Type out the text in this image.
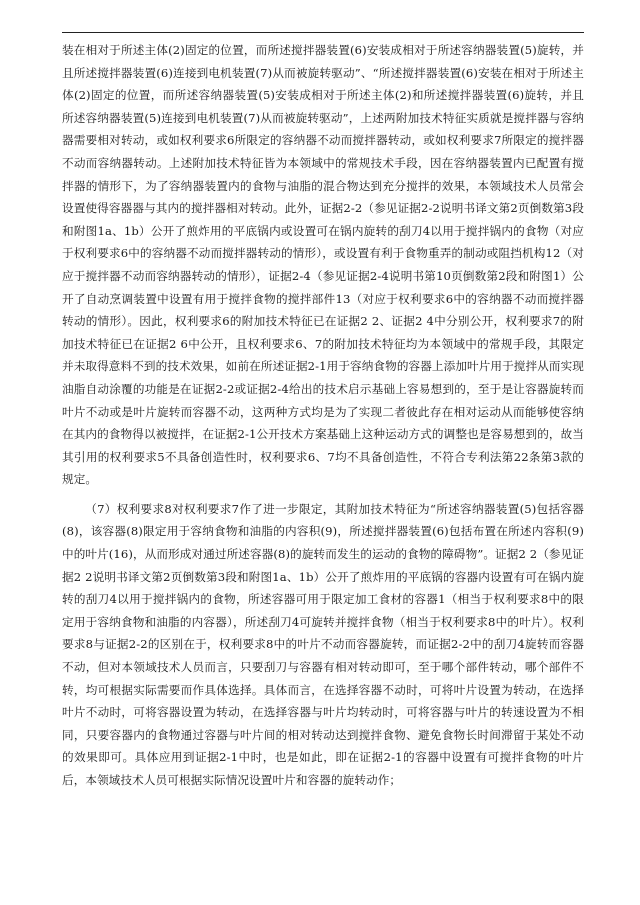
装在相对于所述主体(2)固定的位置，而所述搅拌器装置(6)安装成相对于所述容纳器装置(5)旋转，并且所述搅拌器装置(6)连接到电机装置(7)从而被旋转驱动”、“所述搅拌器装置(6)安装在相对于所述主体(2)固定的位置，而所述容纳器装置(5)安装成相对于所述主体(2)和所述搅拌器装置(6)旋转，并且所述容纳器装置(5)连接到电机装置(7)从而被旋转驱动”，上述两附加技术特征实质就是搅拌器与容纳器需要相对转动，或如权利要求6所限定的容纳器不动而搅拌器转动，或如权利要求7所限定的搅拌器不动而容纳器转动。上述附加技术特征皆为本领域中的常规技术手段，因在容纳器装置内已配置有搅拌器的情形下，为了容纳器装置内的食物与油脂的混合物达到充分搅拌的效果，本领域技术人员常会设置使得容器器与其内的搅拌器相对转动。此外，证据2-2（参见证据2-2说明书译文第2页倒数第3段和附图1a、1b）公开了煎炸用的平底锅内或设置可在锅内旋转的刮刀4以用于搅拌锅内的食物（对应于权利要求6中的容纳器不动而搅拌器转动的情形），或设置有利于食物重弄的制动或阻挡机构12（对应于搅拌器不动而容纳器转动的情形），证据2-4（参见证据2-4说明书第10页倒数第2段和附图1）公开了自动烹调装置中设置有用于搅拌食物的搅拌部件13（对应于权利要求6中的容纳器不动而搅拌器转动的情形）。因此，权利要求6的附加技术特征已在证据2 2、证据2 4中分别公开，权利要求7的附加技术特征已在证据2 6中公开，且权利要求6、7的附加技术特征均为本领域中的常规手段，其限定并未取得意料不到的技术效果，如前在所述证据2-1用于容纳食物的容器上添加叶片用于搅拌从而实现油脂自动涂覆的功能是在证据2-2或证据2-4给出的技术启示基础上容易想到的，至于是让容器旋转而叶片不动或是叶片旋转而容器不动，这两种方式均是为了实现二者彼此存在相对运动从而能够使容纳在其内的食物得以被搅拌，在证据2-1公开技术方案基础上这种运动方式的调整也是容易想到的，故当其引用的权利要求5不具备创造性时，权利要求6、7均不具备创造性，不符合专利法第22条第3款的规定。

（7）权利要求8对权利要求7作了进一步限定，其附加技术特征为“所述容纳器装置(5)包括容器(8)，该容器(8)限定用于容纳食物和油脂的内容积(9)，所述搅拌器装置(6)包括布置在所述内容积(9)中的叶片(16)，从而形成对通过所述容器(8)的旋转而发生的运动的食物的障碍物”。证据2 2（参见证据2 2说明书译文第2页倒数第3段和附图1a、1b）公开了煎炸用的平底锅的容器内设置有可在锅内旋转的刮刀4以用于搅拌锅内的食物，所述容器可用于限定加工食材的容器1（相当于权利要求8中的限定用于容纳食物和油脂的内容器），所述刮刀4可旋转并搅拌食物（相当于权利要求8中的叶片）。权利要求8与证据2-2的区别在于，权利要求8中的叶片不动而容器旋转，而证据2-2中的刮刀4旋转而容器不动，但对本领域技术人员而言，只要刮刀与容器有相对转动即可，至于哪个部件转动，哪个部件不转，均可根据实际需要而作具体选择。具体而言，在选择容器不动时，可将叶片设置为转动，在选择叶片不动时，可将容器设置为转动，在选择容器与叶片均转动时，可将容器与叶片的转速设置为不相同，只要容器内的食物通过容器与叶片间的相对转动达到搅拌食物、避免食物长时间滞留于某处不动的效果即可。具体应用到证据2-1中时，也是如此，即在证据2-1的容器中设置有可搅拌食物的叶片后，本领域技术人员可根据实际情况设置叶片和容器的旋转动作；
